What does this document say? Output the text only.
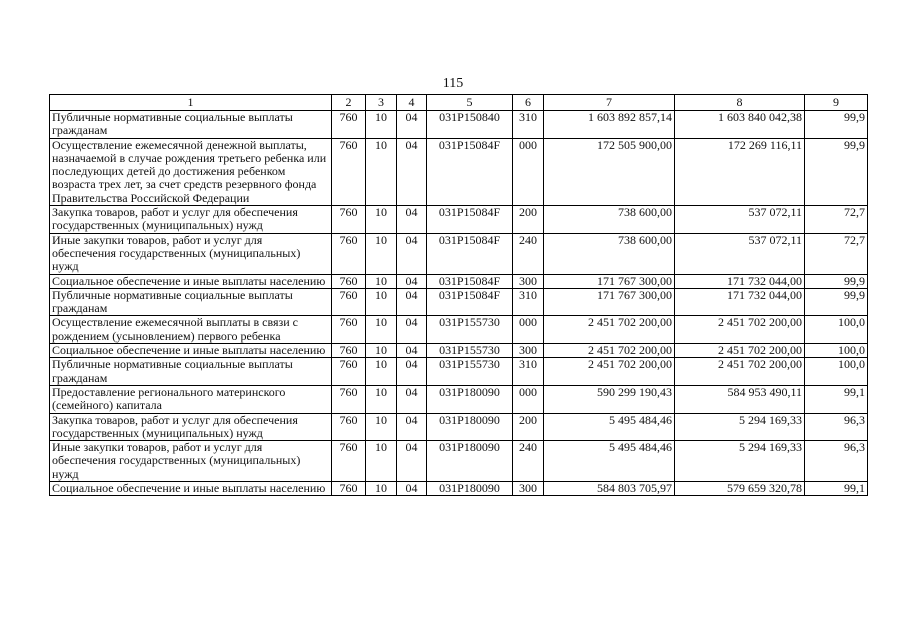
115
1	2	3	4	5	6	7	8	9
Публичные нормативные социальные выплаты гражданам	760	10	04	031P150840	310	1 603 892 857,14	1 603 840 042,38	99,9
Осуществление ежемесячной денежной выплаты, назначаемой в случае рождения третьего ребенка или последующих детей до достижения ребенком возраста трех лет, за счет средств резервного фонда Правительства Российской Федерации	760	10	04	031P15084F	000	172 505 900,00	172 269 116,11	99,9
Закупка товаров, работ и услуг для обеспечения государственных (муниципальных) нужд	760	10	04	031P15084F	200	738 600,00	537 072,11	72,7
Иные закупки товаров, работ и услуг для обеспечения государственных (муниципальных) нужд	760	10	04	031P15084F	240	738 600,00	537 072,11	72,7
Социальное обеспечение и иные выплаты населению	760	10	04	031P15084F	300	171 767 300,00	171 732 044,00	99,9
Публичные нормативные социальные выплаты гражданам	760	10	04	031P15084F	310	171 767 300,00	171 732 044,00	99,9
Осуществление ежемесячной выплаты в связи с рождением (усыновлением) первого ребенка	760	10	04	031P155730	000	2 451 702 200,00	2 451 702 200,00	100,0
Социальное обеспечение и иные выплаты населению	760	10	04	031P155730	300	2 451 702 200,00	2 451 702 200,00	100,0
Публичные нормативные социальные выплаты гражданам	760	10	04	031P155730	310	2 451 702 200,00	2 451 702 200,00	100,0
Предоставление регионального материнского (семейного) капитала	760	10	04	031P180090	000	590 299 190,43	584 953 490,11	99,1
Закупка товаров, работ и услуг для обеспечения государственных (муниципальных) нужд	760	10	04	031P180090	200	5 495 484,46	5 294 169,33	96,3
Иные закупки товаров, работ и услуг для обеспечения государственных (муниципальных) нужд	760	10	04	031P180090	240	5 495 484,46	5 294 169,33	96,3
Социальное обеспечение и иные выплаты населению	760	10	04	031P180090	300	584 803 705,97	579 659 320,78	99,1
